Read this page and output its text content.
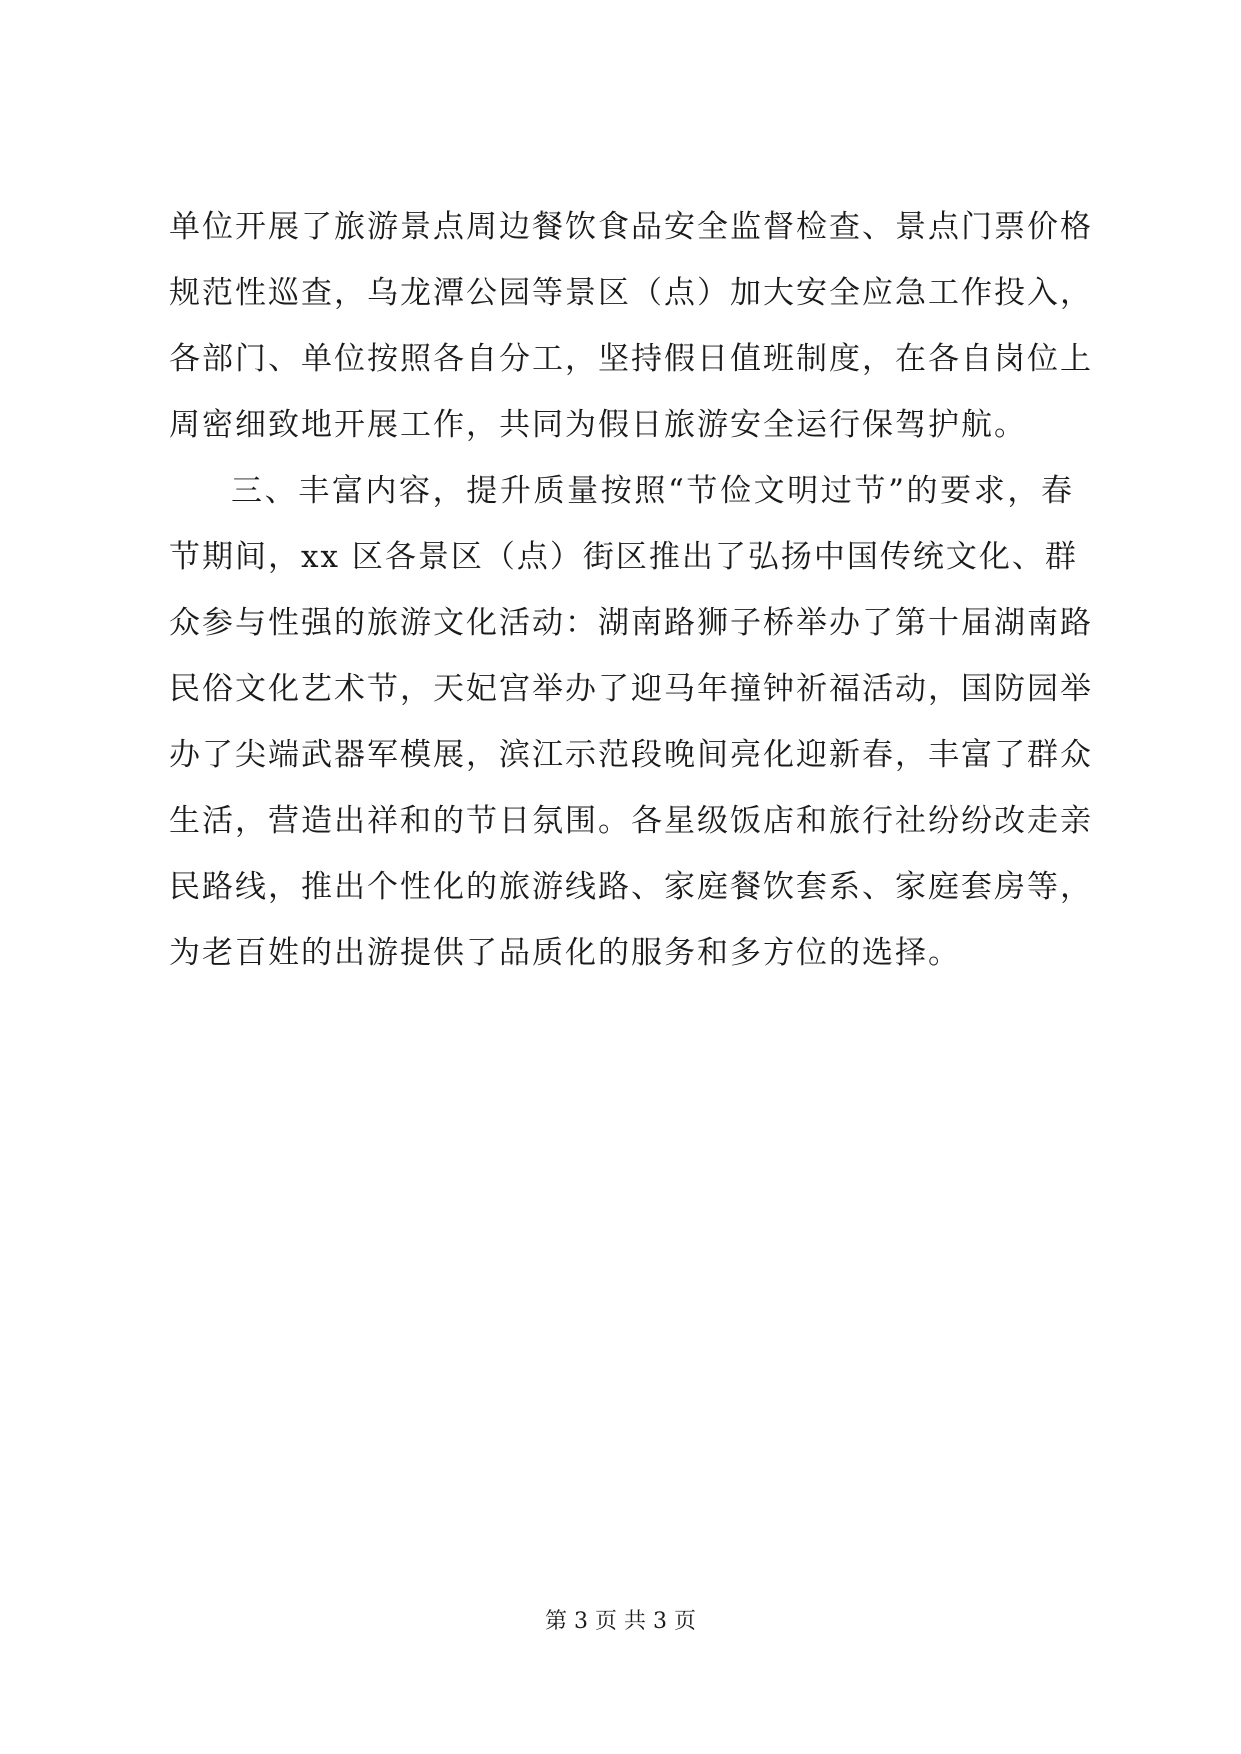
单位开展了旅游景点周边餐饮食品安全监督检查、景点门票价格
规范性巡查，乌龙潭公园等景区（点）加大安全应急工作投入，
各部门、单位按照各自分工，坚持假日值班制度，在各自岗位上
周密细致地开展工作，共同为假日旅游安全运行保驾护航。
三、丰富内容，提升质量按照“节俭文明过节”的要求，春
节期间，xx 区各景区（点）街区推出了弘扬中国传统文化、群
众参与性强的旅游文化活动：湖南路狮子桥举办了第十届湖南路
民俗文化艺术节，天妃宫举办了迎马年撞钟祈福活动，国防园举
办了尖端武器军模展，滨江示范段晚间亮化迎新春，丰富了群众
生活，营造出祥和的节日氛围。各星级饭店和旅行社纷纷改走亲
民路线，推出个性化的旅游线路、家庭餐饮套系、家庭套房等，
为老百姓的出游提供了品质化的服务和多方位的选择。
第 3 页 共 3 页
